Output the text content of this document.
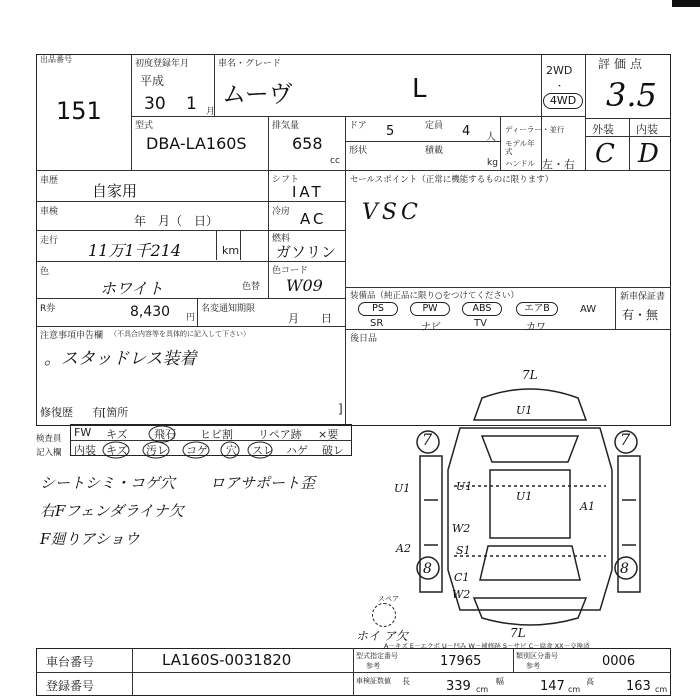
出品番号
151
初度登録年月
平成
30 1 月
車名・グレード
ムーヴ	L
2WD
・
4WD
評価点
3.5
型式
DBA-LA160S
排気量
658
cc
ドア 5	定員 4 人
形状	積載
kg
ディーラー・並行
モデル年式
ハンドル 左・右
外装 内装
C D
車歴
自家用
車検
年　月（　日）
走行 11万1千214	km
色
ホワイト	色替
シフト
IAT
冷房 AC
燃料
ガソリン
色コード
W09
R券	8,430 円
名変通知期限
月　　日
セールスポイント（正常に機能するものに限ります）
VSC
装備品（純正品に限り○をつけてください）	新車保証書
有・無
PS	PW	ABS	エアB	AW
SR	ナビ	TV	カワ
後日品
注意事項申告欄 （不具合内容等を具体的に記入して下さい）
。スタッドレス装着
修復歴 有 [箇所	]
検査員記入欄
FW キズ 飛石 ヒビ割 リペア跡 ×要
内装 キズ 汚レ コゲ 穴 スレ ハゲ 破レ
シートシミ・コゲ穴 ロアサポート歪
右Fフェンダライナ欠
F廻りアショウ
7L
U1
7	7
U1	U1
U1
A1
W2
A2	S1
8	8
C1
W2
7L
スペア
ホイ ア欠
A－キズ E－エクボ U－凹み W－補修跡 S－サビ C－腐食 XX－交換済
車台番号	LA160S-0031820
登録番号
型式指定番号
参考	17965	類別区分番号
参考	0006
車検証数値 長	339 cm
幅	147 cm
高 163 cm
